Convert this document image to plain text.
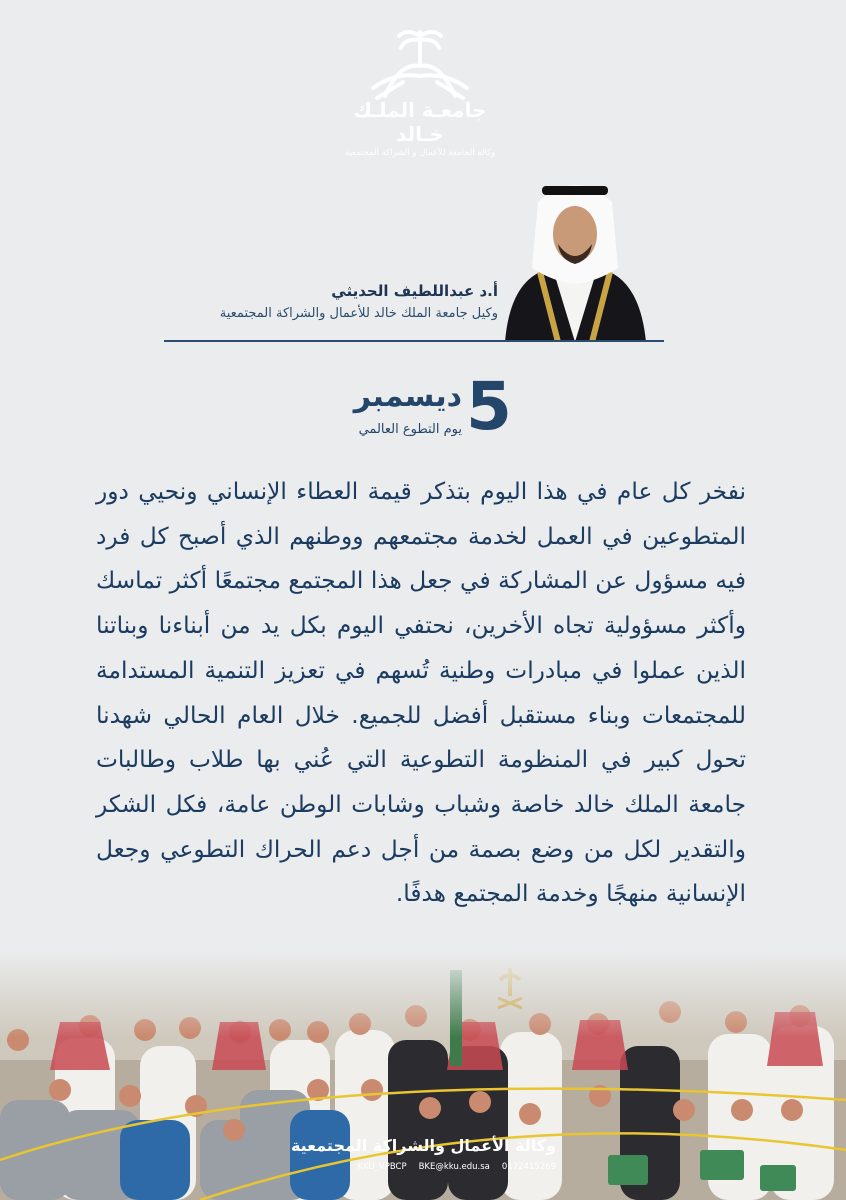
جامعـة الملـك خـالد
وكالة الجامعة للأعمال و الشراكة المجتمعية
أ.د عبداللطيف الحديثي
وكيل جامعة الملك خالد للأعمال والشراكة المجتمعية
5
ديسمبر
يوم التطوع العالمي
نفخر كل عام في هذا اليوم بتذكر قيمة العطاء الإنساني ونحيي دور المتطوعين في العمل لخدمة مجتمعهم ووطنهم الذي أصبح كل فرد فيه مسؤول عن المشاركة في جعل هذا المجتمع مجتمعًا أكثر تماسك وأكثر مسؤولية تجاه الأخرين، نحتفي اليوم بكل يد من أبناءنا وبناتنا الذين عملوا في مبادرات وطنية تُسهم في تعزيز التنمية المستدامة للمجتمعات وبناء مستقبل أفضل للجميع. خلال العام الحالي شهدنا تحول كبير في المنظومة التطوعية التي عُني بها طلاب وطالبات جامعة الملك خالد خاصة وشباب وشابات الوطن عامة، فكل الشكر والتقدير لكل من وضع بصمة من أجل دعم الحراك التطوعي وجعل الإنسانية منهجًا وخدمة المجتمع هدفًا.
وكالة الأعمال والشراكة المجتمعية
KKU_VPBCP BKE@kku.edu.sa 0172415269
